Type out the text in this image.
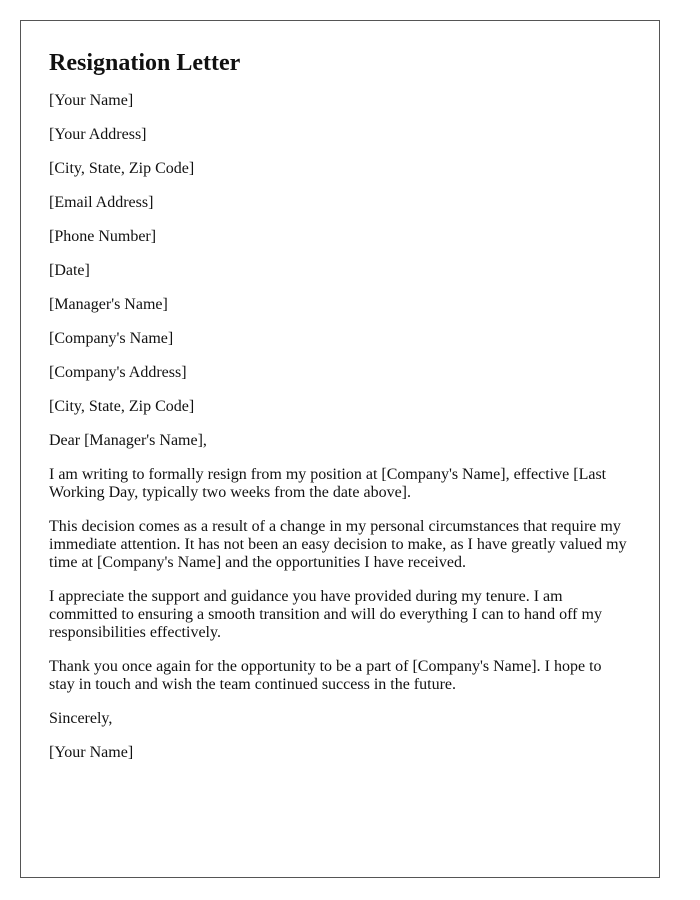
Resignation Letter

[Your Name]

[Your Address]

[City, State, Zip Code]

[Email Address]

[Phone Number]

[Date]

[Manager's Name]

[Company's Name]

[Company's Address]

[City, State, Zip Code]

Dear [Manager's Name],

I am writing to formally resign from my position at [Company's Name], effective [Last Working Day, typically two weeks from the date above].

This decision comes as a result of a change in my personal circumstances that require my immediate attention. It has not been an easy decision to make, as I have greatly valued my time at [Company's Name] and the opportunities I have received.

I appreciate the support and guidance you have provided during my tenure. I am committed to ensuring a smooth transition and will do everything I can to hand off my responsibilities effectively.

Thank you once again for the opportunity to be a part of [Company's Name]. I hope to stay in touch and wish the team continued success in the future.

Sincerely,

[Your Name]
